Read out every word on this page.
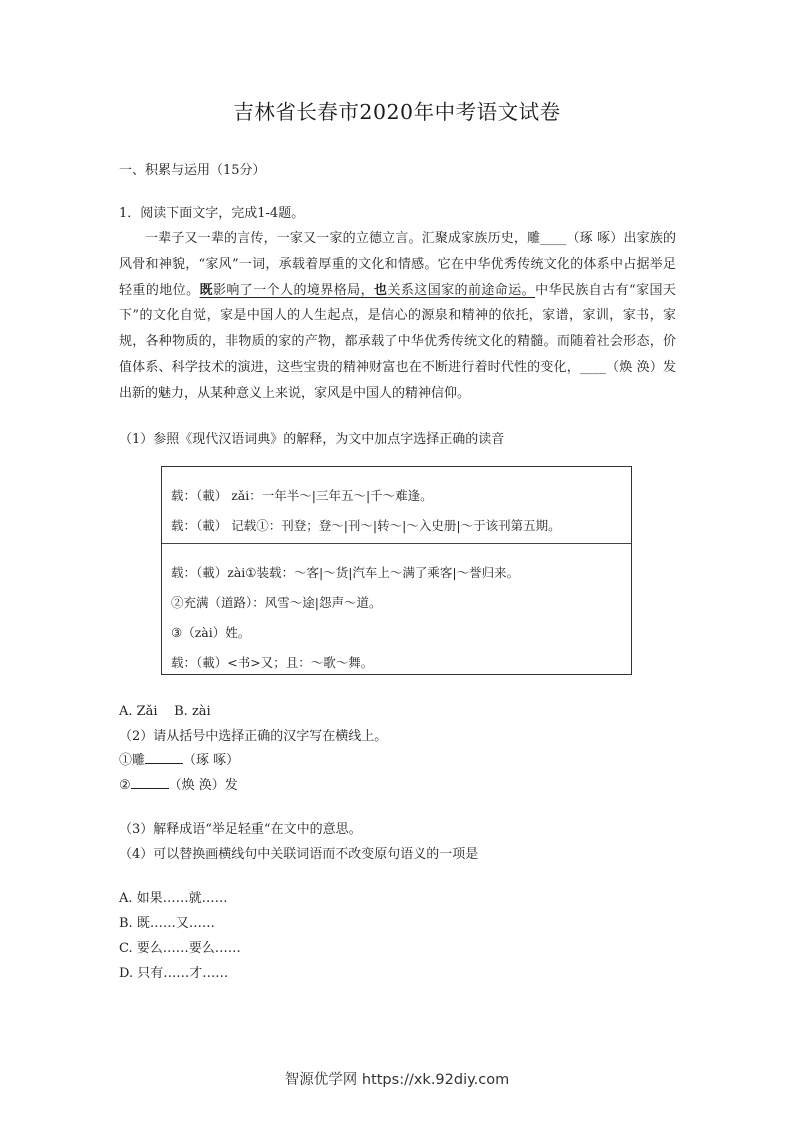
吉林省长春市2020年中考语文试卷
一、积累与运用（15分）
1．阅读下面文字，完成1-4题。
一辈子又一辈的言传，一家又一家的立德立言。汇聚成家族历史，雕____（琢 啄）出家族的风骨和神貌，“家风”一词，承载着厚重的文化和情感。它在中华优秀传统文化的体系中占据举足轻重的地位。既影响了一个人的境界格局，也关系这国家的前途命运。中华民族自古有“家国天下”的文化自觉，家是中国人的人生起点，是信心的源泉和精神的依托，家谱，家训，家书，家规，各种物质的，非物质的家的产物，都承载了中华优秀传统文化的精髓。而随着社会形态，价值体系、科学技术的演进，这些宝贵的精神财富也在不断进行着时代性的变化，____（焕 涣）发出新的魅力，从某种意义上来说，家风是中国人的精神信仰。
（1）参照《现代汉语词典》的解释，为文中加点字选择正确的读音
载：（載） zǎi：一年半～|三年五～|千～难逢。
载：（載） 记载①：刊登；登～|刊～|转～|～入史册|～于该刊第五期。
载：（載）zài①装载：～客|～货|汽车上～满了乘客|～誉归来。
②充满（道路）：风雪～途|怨声～道。
③（zài）姓。
载：（載）<书>又；且：～歌～舞。
A. Zǎi    B. zài
（2）请从括号中选择正确的汉字写在横线上。
①雕	（琢 啄）
②	（焕 涣）发
（3）解释成语“举足轻重“在文中的意思。
（4）可以替换画横线句中关联词语而不改变原句语义的一项是
A. 如果……就……
B. 既……又……
C. 要么……要么……
D. 只有……才……
智源优学网 https://xk.92diy.com
